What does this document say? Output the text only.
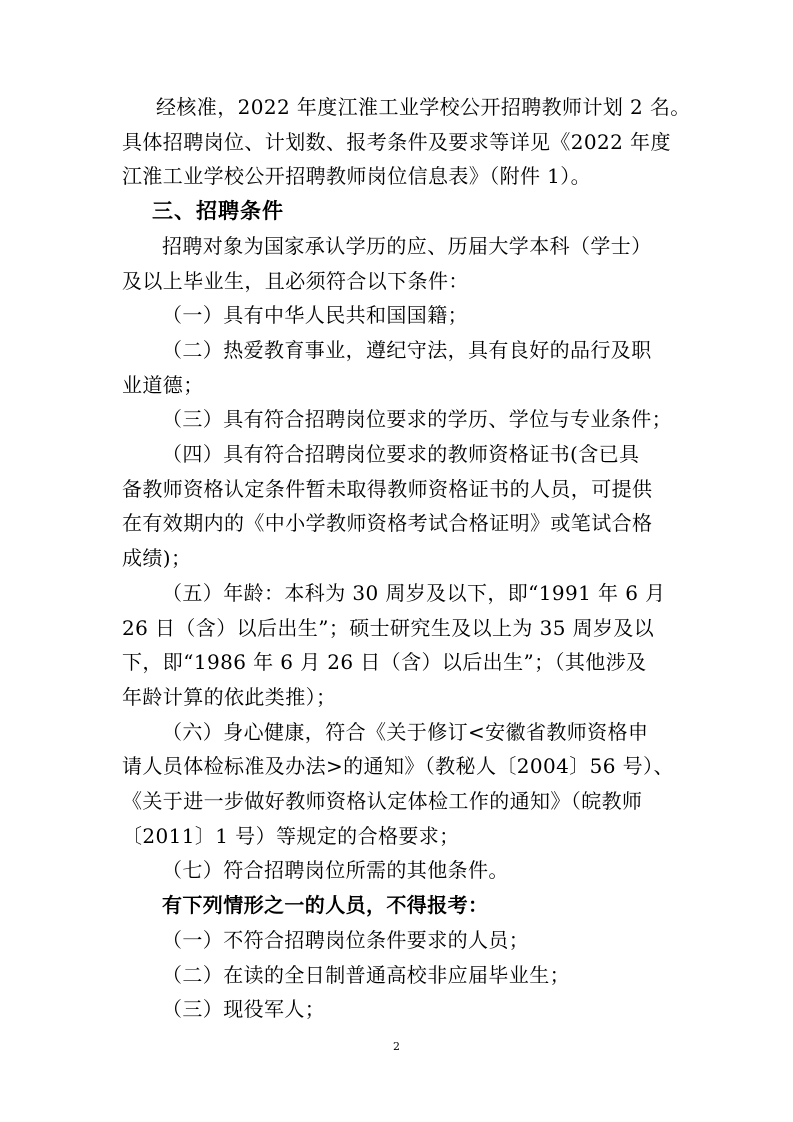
经核准，2022 年度江淮工业学校公开招聘教师计划 2 名。
具体招聘岗位、计划数、报考条件及要求等详见《2022 年度
江淮工业学校公开招聘教师岗位信息表》（附件 1）。
三、招聘条件
招聘对象为国家承认学历的应、历届大学本科（学士）
及以上毕业生，且必须符合以下条件：
（一）具有中华人民共和国国籍；
（二）热爱教育事业，遵纪守法，具有良好的品行及职
业道德；
（三）具有符合招聘岗位要求的学历、学位与专业条件；
（四）具有符合招聘岗位要求的教师资格证书(含已具
备教师资格认定条件暂未取得教师资格证书的人员，可提供
在有效期内的《中小学教师资格考试合格证明》或笔试合格
成绩)；
（五）年龄：本科为 30 周岁及以下，即“1991 年 6 月
26 日（含）以后出生”；硕士研究生及以上为 35 周岁及以
下，即“1986 年 6 月 26 日（含）以后出生”；（其他涉及
年龄计算的依此类推）；
（六）身心健康，符合《关于修订<安徽省教师资格申
请人员体检标准及办法>的通知》（教秘人〔2004〕56 号）、
《关于进一步做好教师资格认定体检工作的通知》（皖教师
〔2011〕1 号）等规定的合格要求；
（七）符合招聘岗位所需的其他条件。
有下列情形之一的人员，不得报考：
（一）不符合招聘岗位条件要求的人员；
（二）在读的全日制普通高校非应届毕业生；
（三）现役军人；
2
